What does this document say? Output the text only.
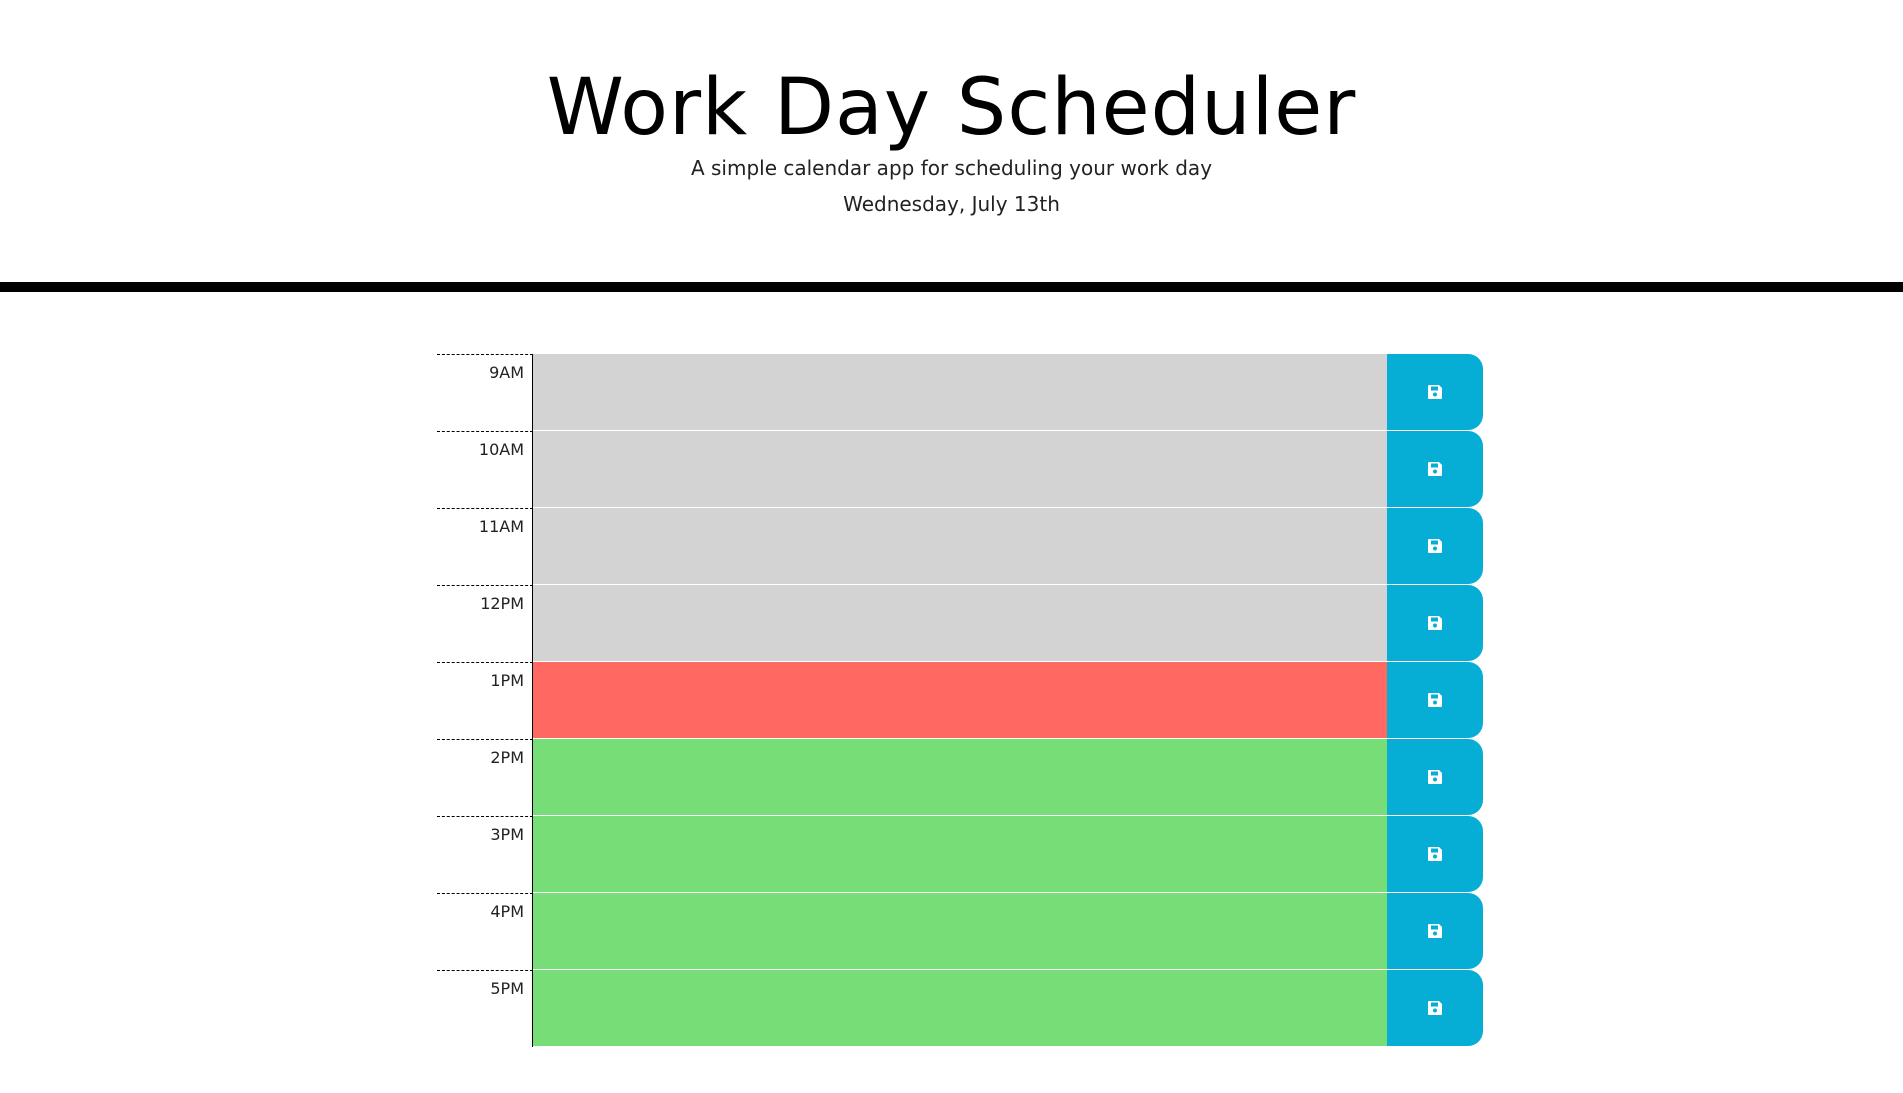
Work Day Scheduler

A simple calendar app for scheduling your work day

Wednesday, July 13th

9AM
10AM
11AM
12PM
1PM
2PM
3PM
4PM
5PM
